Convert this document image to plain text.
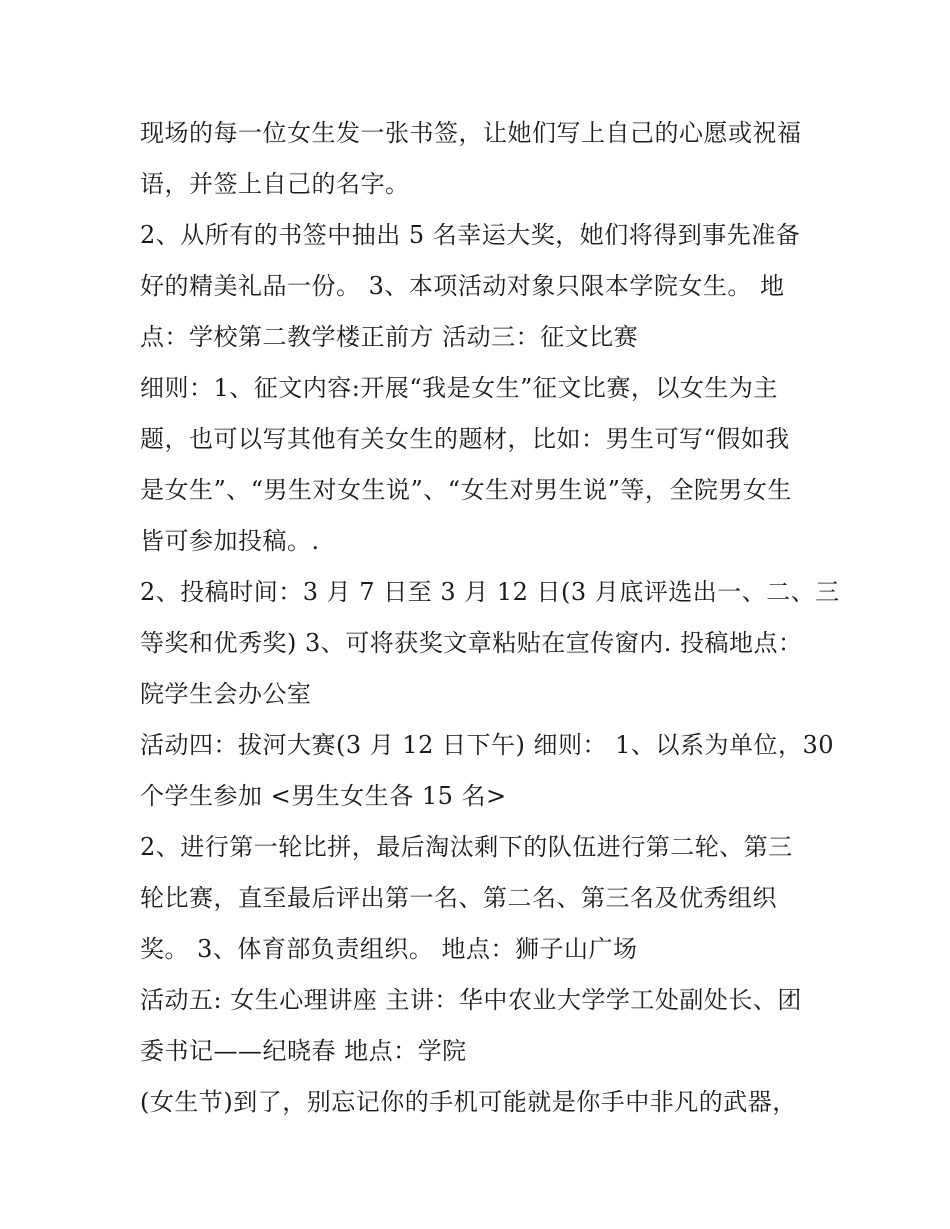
现场的每一位女生发一张书签，让她们写上自己的心愿或祝福
语，并签上自己的名字。
2、从所有的书签中抽出 5 名幸运大奖，她们将得到事先准备
好的精美礼品一份。 3、本项活动对象只限本学院女生。 地
点：学校第二教学楼正前方 活动三：征文比赛
细则：1、征文内容:开展“我是女生”征文比赛，以女生为主
题，也可以写其他有关女生的题材，比如：男生可写“假如我
是女生”、“男生对女生说”、“女生对男生说”等，全院男女生
皆可参加投稿。.
2、投稿时间：3 月 7 日至 3 月 12 日(3 月底评选出一、二、三
等奖和优秀奖) 3、可将获奖文章粘贴在宣传窗内. 投稿地点：
院学生会办公室
活动四：拔河大赛(3 月 12 日下午) 细则： 1、以系为单位，30
个学生参加 <男生女生各 15 名>
2、进行第一轮比拼，最后淘汰剩下的队伍进行第二轮、第三
轮比赛，直至最后评出第一名、第二名、第三名及优秀组织
奖。 3、体育部负责组织。 地点：狮子山广场
活动五: 女生心理讲座 主讲：华中农业大学学工处副处长、团
委书记——纪晓春 地点：学院
(女生节)到了，别忘记你的手机可能就是你手中非凡的武器，
